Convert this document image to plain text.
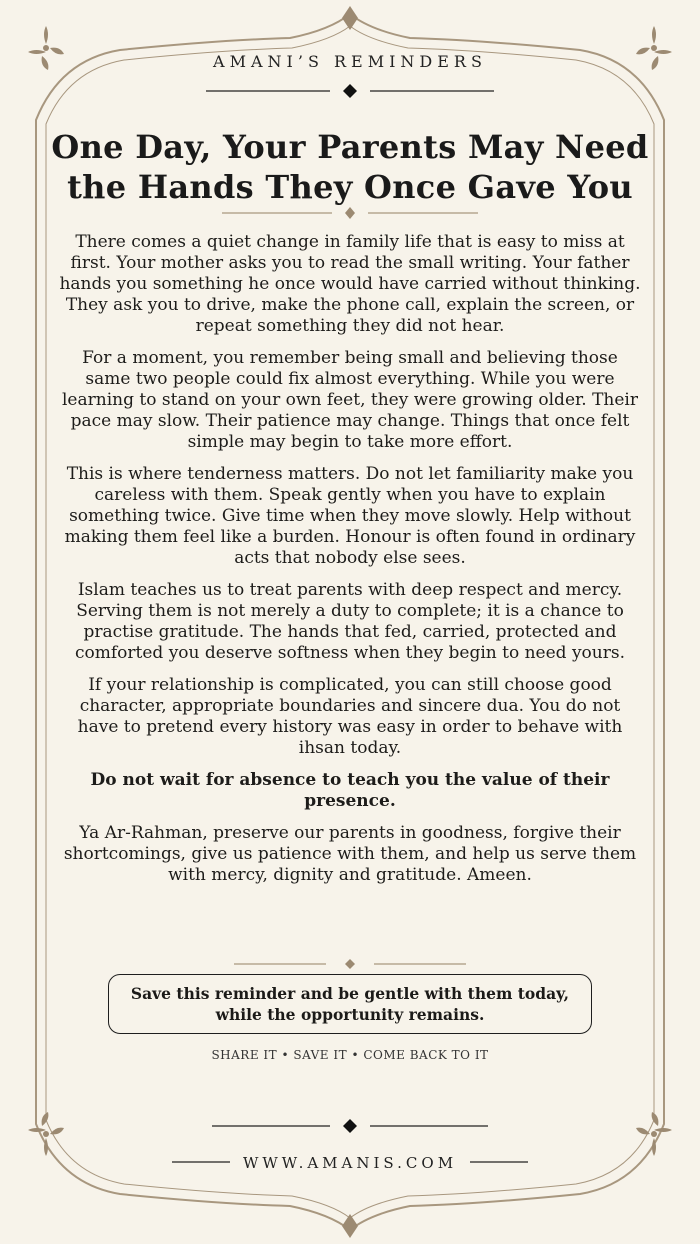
AMANI’S REMINDERS
One Day, Your Parents May Need
the Hands They Once Gave You

There comes a quiet change in family life that is easy to miss at first. Your mother asks you to read the small writing. Your father hands you something he once would have carried without thinking. They ask you to drive, make the phone call, explain the screen, or repeat something they did not hear.

For a moment, you remember being small and believing those same two people could fix almost everything. While you were learning to stand on your own feet, they were growing older. Their pace may slow. Their patience may change. Things that once felt simple may begin to take more effort.

This is where tenderness matters. Do not let familiarity make you careless with them. Speak gently when you have to explain something twice. Give time when they move slowly. Help without making them feel like a burden. Honour is often found in ordinary acts that nobody else sees.

Islam teaches us to treat parents with deep respect and mercy. Serving them is not merely a duty to complete; it is a chance to practise gratitude. The hands that fed, carried, protected and comforted you deserve softness when they begin to need yours.

If your relationship is complicated, you can still choose good character, appropriate boundaries and sincere dua. You do not have to pretend every history was easy in order to behave with ihsan today.

Do not wait for absence to teach you the value of their presence.

Ya Ar-Rahman, preserve our parents in goodness, forgive their shortcomings, give us patience with them, and help us serve them with mercy, dignity and gratitude. Ameen.

Save this reminder and be gentle with them today,
while the opportunity remains.
SHARE IT • SAVE IT • COME BACK TO IT
WWW.AMANIS.COM
